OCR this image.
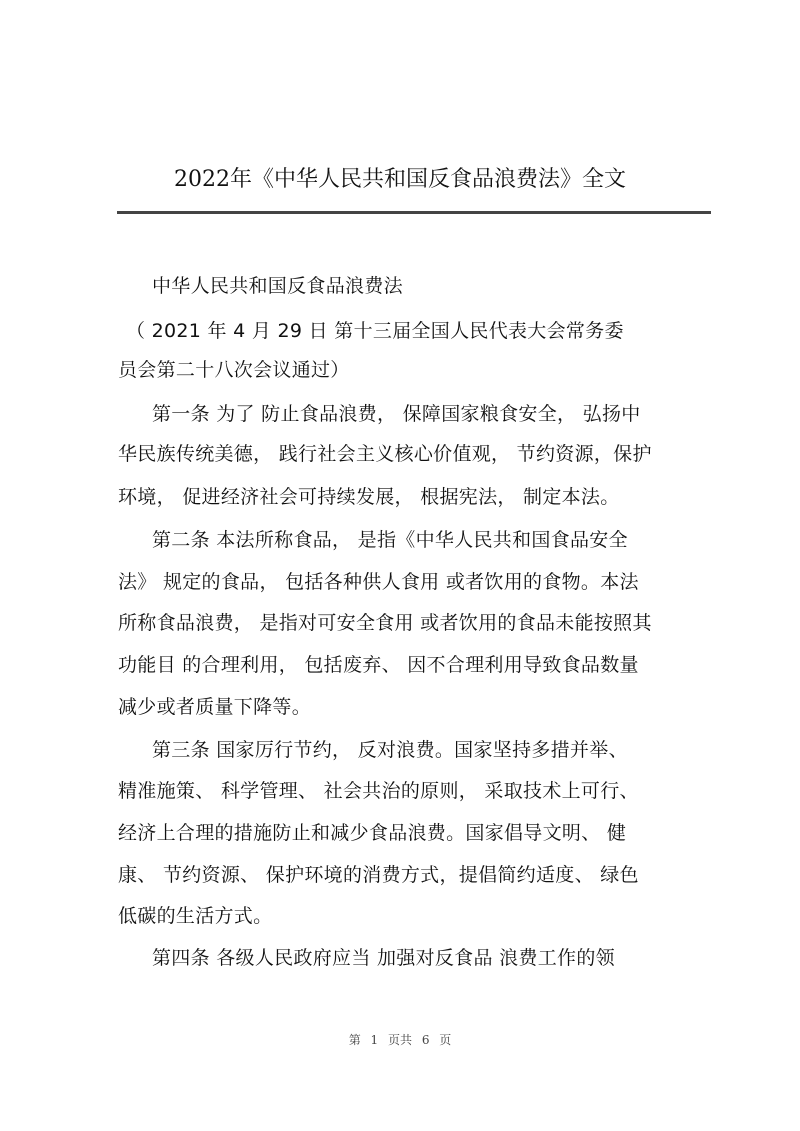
2022年《中华人民共和国反食品浪费法》全文
中华人民共和国反食品浪费法
（ 2021 年 4 月 29 日 第十三届全国人民代表大会常务委
员会第二十八次会议通过）
第一条 为了 防止食品浪费， 保障国家粮食安全， 弘扬中
华民族传统美德， 践行社会主义核心价值观， 节约资源，保护
环境， 促进经济社会可持续发展， 根据宪法， 制定本法。
第二条 本法所称食品， 是指《中华人民共和国食品安全
法》 规定的食品， 包括各种供人食用 或者饮用的食物。本法
所称食品浪费， 是指对可安全食用 或者饮用的食品未能按照其
功能目 的合理利用， 包括废弃、 因不合理利用导致食品数量
减少或者质量下降等。
第三条 国家厉行节约， 反对浪费。国家坚持多措并举、
精准施策、 科学管理、 社会共治的原则， 采取技术上可行、
经济上合理的措施防止和减少食品浪费。国家倡导文明、 健
康、 节约资源、 保护环境的消费方式，提倡简约适度、 绿色
低碳的生活方式。
第四条 各级人民政府应当 加强对反食品 浪费工作的领
第 1 页共 6 页
